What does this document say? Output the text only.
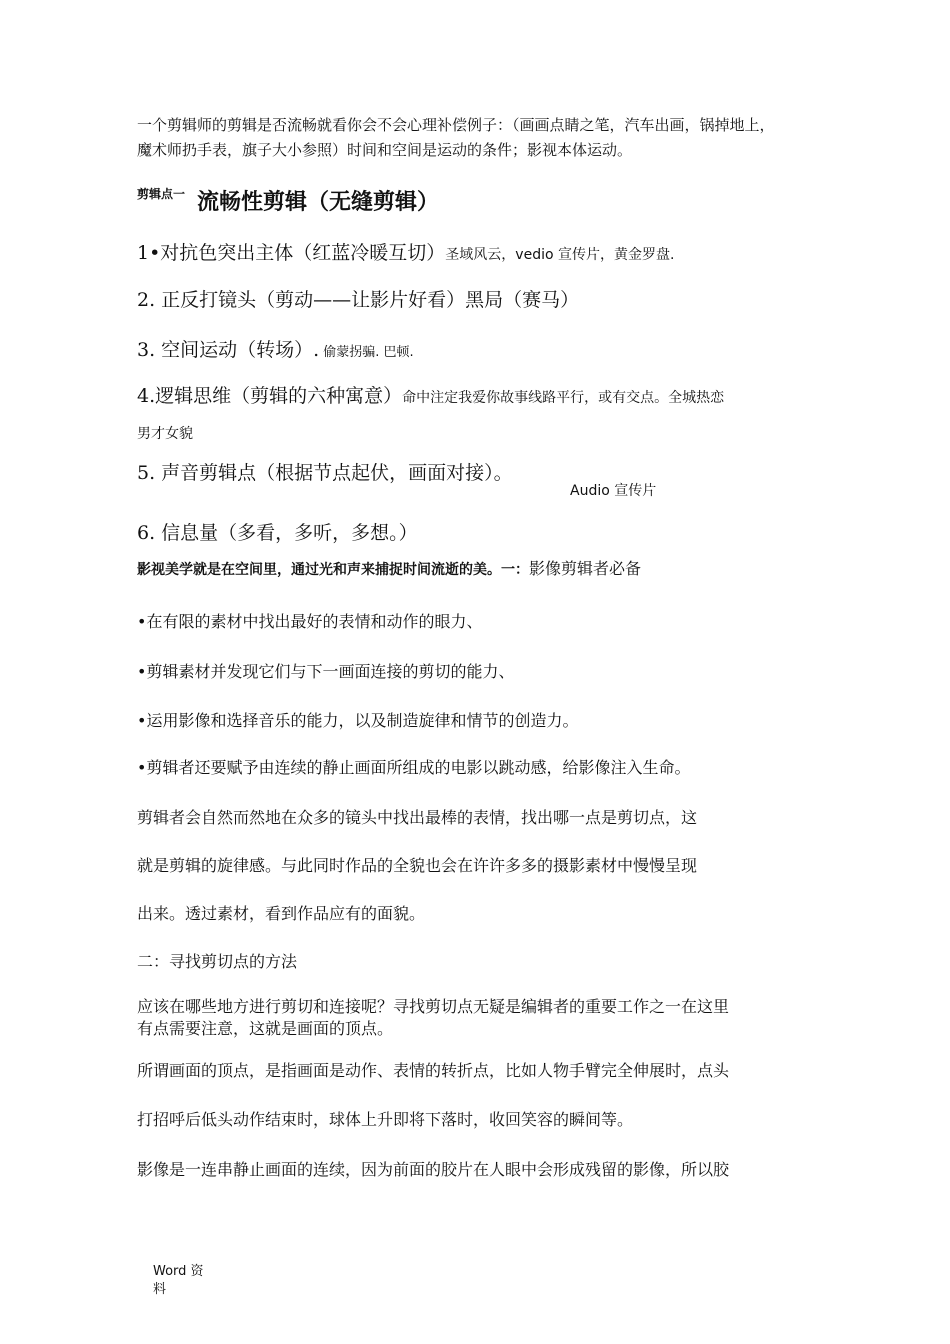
一个剪辑师的剪辑是否流畅就看你会不会心理补偿例子：（画画点睛之笔，汽车出画，锅掉地上，
魔术师扔手表，旗子大小参照）时间和空间是运动的条件；影视本体运动。
剪辑点一 流畅性剪辑（无缝剪辑）
1•对抗色突出主体（红蓝冷暖互切）圣域风云，vedio 宣传片，黄金罗盘.
2. 正反打镜头（剪动——让影片好看）黑局（赛马）
3. 空间运动（转场）. 偷蒙拐骗. 巴顿.
4.逻辑思维（剪辑的六种寓意）命中注定我爱你故事线路平行，或有交点。全城热恋
男才女貌
5. 声音剪辑点（根据节点起伏，画面对接）。
Audio 宣传片
6. 信息量（多看，多听，多想。）
影视美学就是在空间里，通过光和声来捕捉时间流逝的美。一：影像剪辑者必备
•在有限的素材中找出最好的表情和动作的眼力、
•剪辑素材并发现它们与下一画面连接的剪切的能力、
•运用影像和选择音乐的能力，以及制造旋律和情节的创造力。
•剪辑者还要赋予由连续的静止画面所组成的电影以跳动感，给影像注入生命。
剪辑者会自然而然地在众多的镜头中找出最棒的表情，找出哪一点是剪切点，这
就是剪辑的旋律感。与此同时作品的全貌也会在许许多多的摄影素材中慢慢呈现
出来。透过素材，看到作品应有的面貌。
二：寻找剪切点的方法
应该在哪些地方进行剪切和连接呢？寻找剪切点无疑是编辑者的重要工作之一在这里
有点需要注意，这就是画面的顶点。
所谓画面的顶点，是指画面是动作、表情的转折点，比如人物手臂完全伸展时，点头
打招呼后低头动作结束时，球体上升即将下落时，收回笑容的瞬间等。
影像是一连串静止画面的连续，因为前面的胶片在人眼中会形成残留的影像，所以胶
Word 资
料
